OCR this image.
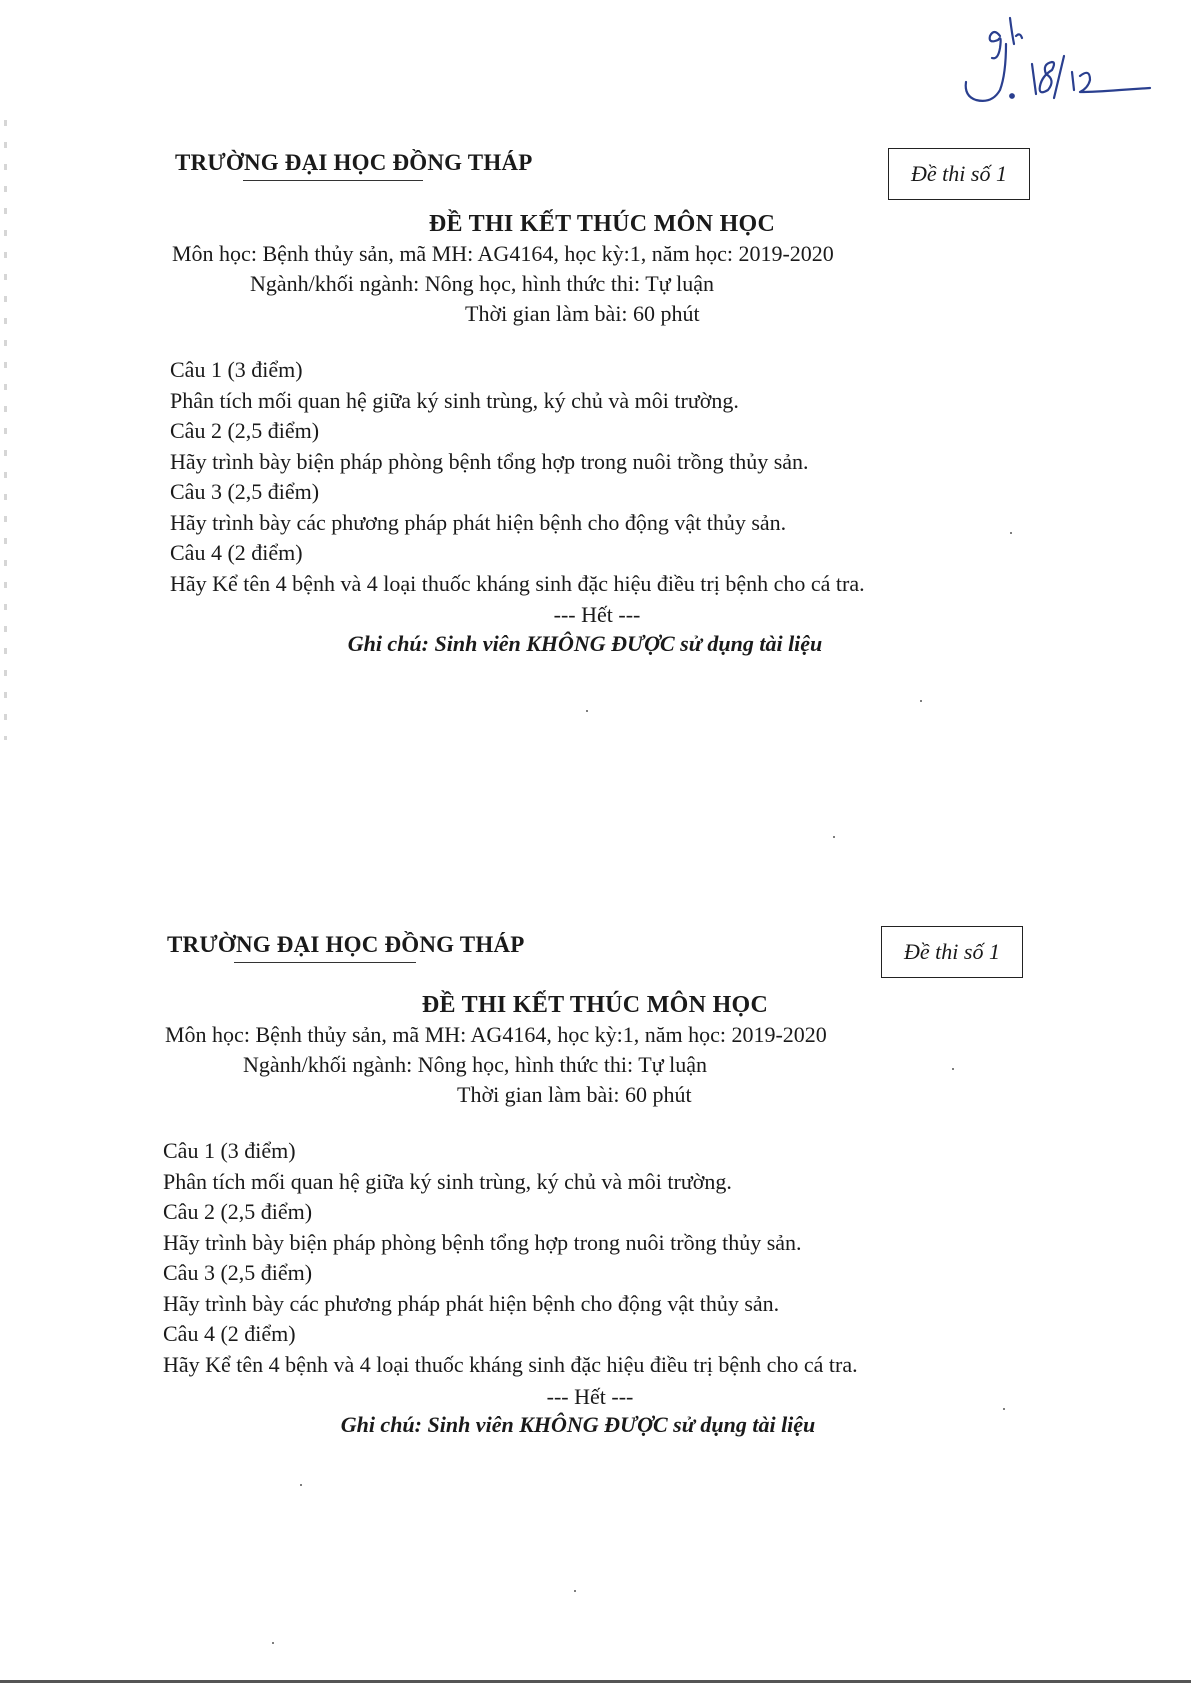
TRƯỜNG ĐẠI HỌC ĐỒNG THÁP	Đề thi số 1
ĐỀ THI KẾT THÚC MÔN HỌC
Môn học: Bệnh thủy sản, mã MH: AG4164, học kỳ:1, năm học: 2019-2020
Ngành/khối ngành: Nông học, hình thức thi: Tự luận
Thời gian làm bài: 60 phút
Câu 1 (3 điểm)
Phân tích mối quan hệ giữa ký sinh trùng, ký chủ và môi trường.
Câu 2 (2,5 điểm)
Hãy trình bày biện pháp phòng bệnh tổng hợp trong nuôi trồng thủy sản.
Câu 3 (2,5 điểm)
Hãy trình bày các phương pháp phát hiện bệnh cho động vật thủy sản.
Câu 4 (2 điểm)
Hãy Kể tên 4 bệnh và 4 loại thuốc kháng sinh đặc hiệu điều trị bệnh cho cá tra.
--- Hết ---
Ghi chú: Sinh viên KHÔNG ĐƯỢC sử dụng tài liệu
TRƯỜNG ĐẠI HỌC ĐỒNG THÁP	Đề thi số 1
ĐỀ THI KẾT THÚC MÔN HỌC
Môn học: Bệnh thủy sản, mã MH: AG4164, học kỳ:1, năm học: 2019-2020
Ngành/khối ngành: Nông học, hình thức thi: Tự luận
Thời gian làm bài: 60 phút
Câu 1 (3 điểm)
Phân tích mối quan hệ giữa ký sinh trùng, ký chủ và môi trường.
Câu 2 (2,5 điểm)
Hãy trình bày biện pháp phòng bệnh tổng hợp trong nuôi trồng thủy sản.
Câu 3 (2,5 điểm)
Hãy trình bày các phương pháp phát hiện bệnh cho động vật thủy sản.
Câu 4 (2 điểm)
Hãy Kể tên 4 bệnh và 4 loại thuốc kháng sinh đặc hiệu điều trị bệnh cho cá tra.
--- Hết ---
Ghi chú: Sinh viên KHÔNG ĐƯỢC sử dụng tài liệu
